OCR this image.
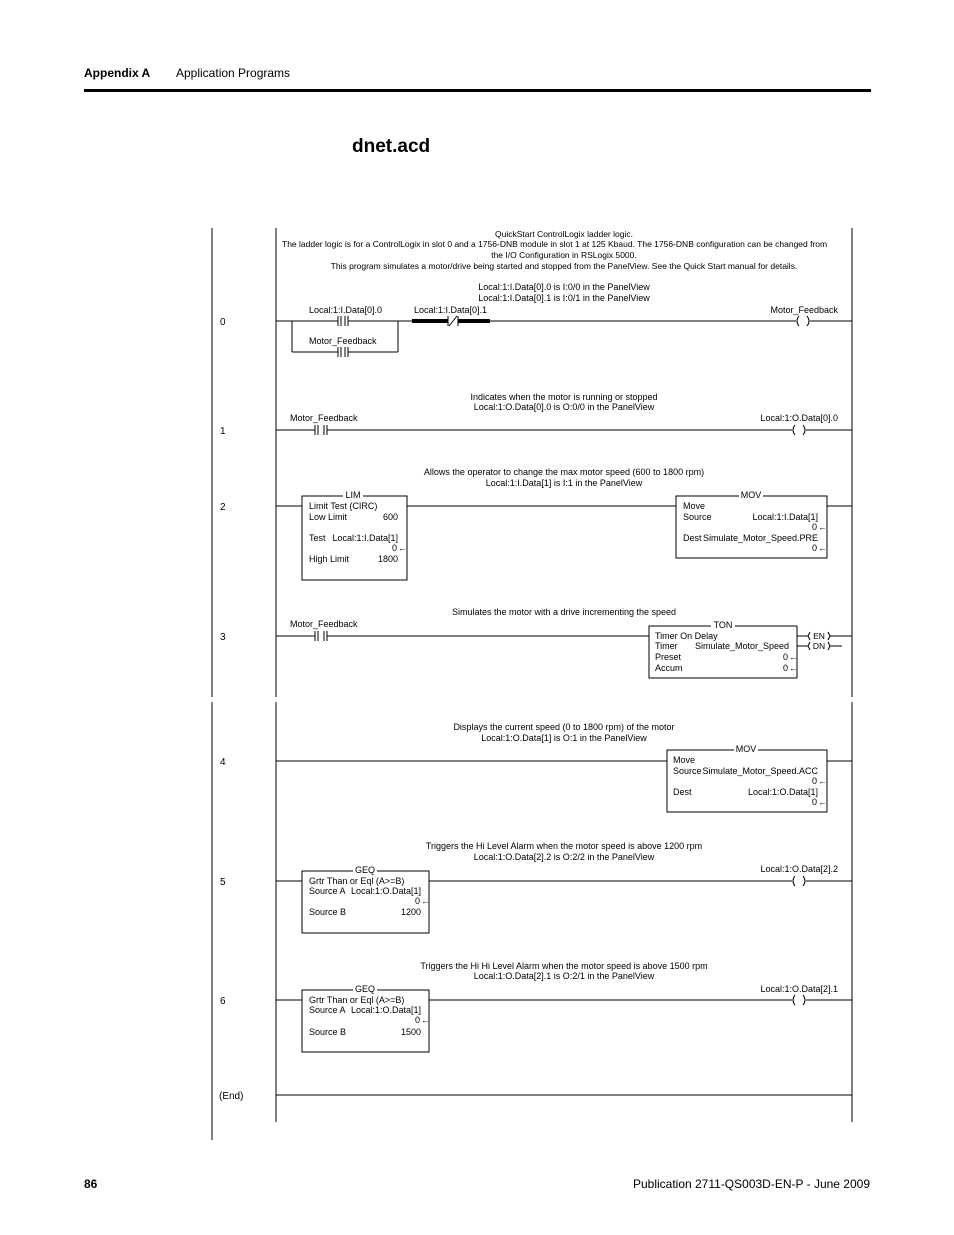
Appendix A Application Programs
dnet.acd
QuickStart ControlLogix ladder logic.
The ladder logic is for a ControlLogix in slot 0 and a 1756-DNB module in slot 1 at 125 Kbaud. The 1756-DNB configuration can be changed from
the I/O Configuration in RSLogix 5000.
This program simulates a motor/drive being started and stopped from the PanelView. See the Quick Start manual for details.
0
Local:1:I.Data[0].0 is I:0/0 in the PanelView
Local:1:I.Data[0].1 is I:0/1 in the PanelView
Local:1:I.Data[0].0	Local:1:I.Data[0].1
Motor_Feedback
Motor_Feedback
1
Indicates when the motor is running or stopped
Local:1:O.Data[0].0 is O:0/0 in the PanelView
Motor_Feedback	Local:1:O.Data[0].0
2
Allows the operator to change the max motor speed (600 to 1800 rpm)
Local:1:I.Data[1] is I:1 in the PanelView
LIM
Limit Test (CIRC)
Low Limit	600
Test Local:1:I.Data[1]
0 ←
High Limit	1800
MOV
Move
Source	Local:1:I.Data[1]
0 ←
Dest Simulate_Motor_Speed.PRE
0 ←
3
Simulates the motor with a drive incrementing the speed
Motor_Feedback	TON
Timer On Delay
Timer Simulate_Motor_Speed
Preset	0 ←
Accum	0 ←
EN
DN
4
Displays the current speed (0 to 1800 rpm) of the motor
Local:1:O.Data[1] is O:1 in the PanelView
MOV
Move
Source Simulate_Motor_Speed.ACC
0 ←
Dest	Local:1:O.Data[1]
0 ←
5
Triggers the Hi Level Alarm when the motor speed is above 1200 rpm
Local:1:O.Data[2].2 is O:2/2 in the PanelView
GEQ
Grtr Than or Eql (A>=B)
Source A Local:1:O.Data[1]
0 ←
Source B	1200
Local:1:O.Data[2].2
6
Triggers the Hi Hi Level Alarm when the motor speed is above 1500 rpm
Local:1:O.Data[2].1 is O:2/1 in the PanelView
GEQ
Grtr Than or Eql (A>=B)
Source A Local:1:O.Data[1]
0 ←
Source B	1500
Local:1:O.Data[2].1
(End)
86	Publication 2711-QS003D-EN-P - June 2009
